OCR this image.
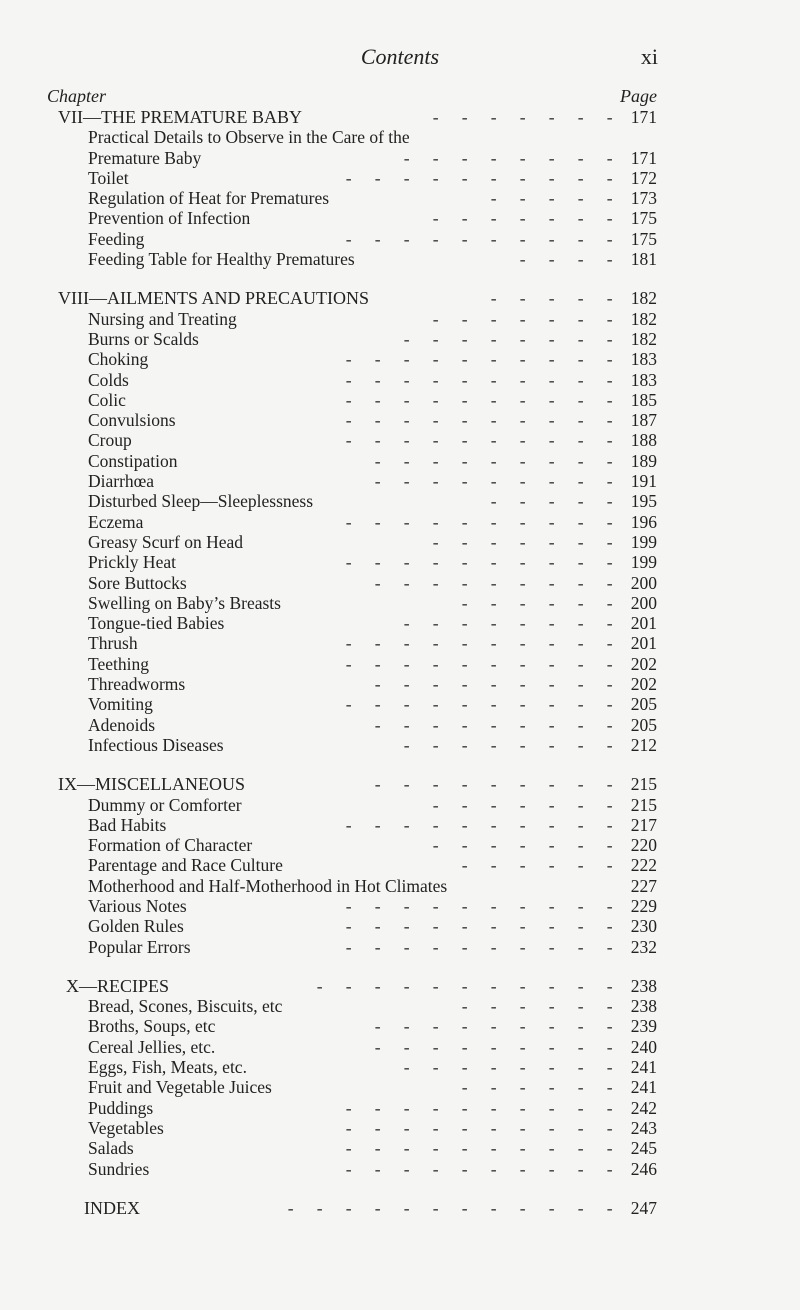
Contents	xi
Chapter	Page
VII—THE PREMATURE BABY	- - - - - - - 171
Practical Details to Observe in the Care of the
Premature Baby	- - - - - - - - 171
Toilet	- - - - - - - - - - 172
Regulation of Heat for Prematures	- - - - - 173
Prevention of Infection	- - - - - - - 175
Feeding	- - - - - - - - - - 175
Feeding Table for Healthy Prematures	- - - - 181
VIII—AILMENTS AND PRECAUTIONS	- - - - - 182
Nursing and Treating	- - - - - - - 182
Burns or Scalds	- - - - - - - - 182
Choking	- - - - - - - - - - 183
Colds	- - - - - - - - - - 183
Colic	- - - - - - - - - - 185
Convulsions	- - - - - - - - - - 187
Croup	- - - - - - - - - - 188
Constipation	- - - - - - - - - 189
Diarrhœa	- - - - - - - - - 191
Disturbed Sleep—Sleeplessness	- - - - - 195
Eczema	- - - - - - - - - - 196
Greasy Scurf on Head	- - - - - - - 199
Prickly Heat	- - - - - - - - - - 199
Sore Buttocks	- - - - - - - - - 200
Swelling on Baby’s Breasts	- - - - - - 200
Tongue-tied Babies	- - - - - - - - 201
Thrush	- - - - - - - - - - 201
Teething	- - - - - - - - - - 202
Threadworms	- - - - - - - - - 202
Vomiting	- - - - - - - - - - 205
Adenoids	- - - - - - - - - 205
Infectious Diseases	- - - - - - - - 212
IX—MISCELLANEOUS	- - - - - - - - - 215
Dummy or Comforter	- - - - - - - 215
Bad Habits	- - - - - - - - - - 217
Formation of Character	- - - - - - - 220
Parentage and Race Culture	- - - - - - 222
Motherhood and Half-Motherhood in Hot Climates	227
Various Notes	- - - - - - - - - - 229
Golden Rules	- - - - - - - - - - 230
Popular Errors	- - - - - - - - - - 232
X—RECIPES	- - - - - - - - - - - 238
Bread, Scones, Biscuits, etc	- - - - - - 238
Broths, Soups, etc	- - - - - - - - - 239
Cereal Jellies, etc.	- - - - - - - - - 240
Eggs, Fish, Meats, etc.	- - - - - - - - 241
Fruit and Vegetable Juices	- - - - - - 241
Puddings	- - - - - - - - - - 242
Vegetables	- - - - - - - - - - 243
Salads	- - - - - - - - - - 245
Sundries	- - - - - - - - - - 246
INDEX	- - - - - - - - - - - - 247
